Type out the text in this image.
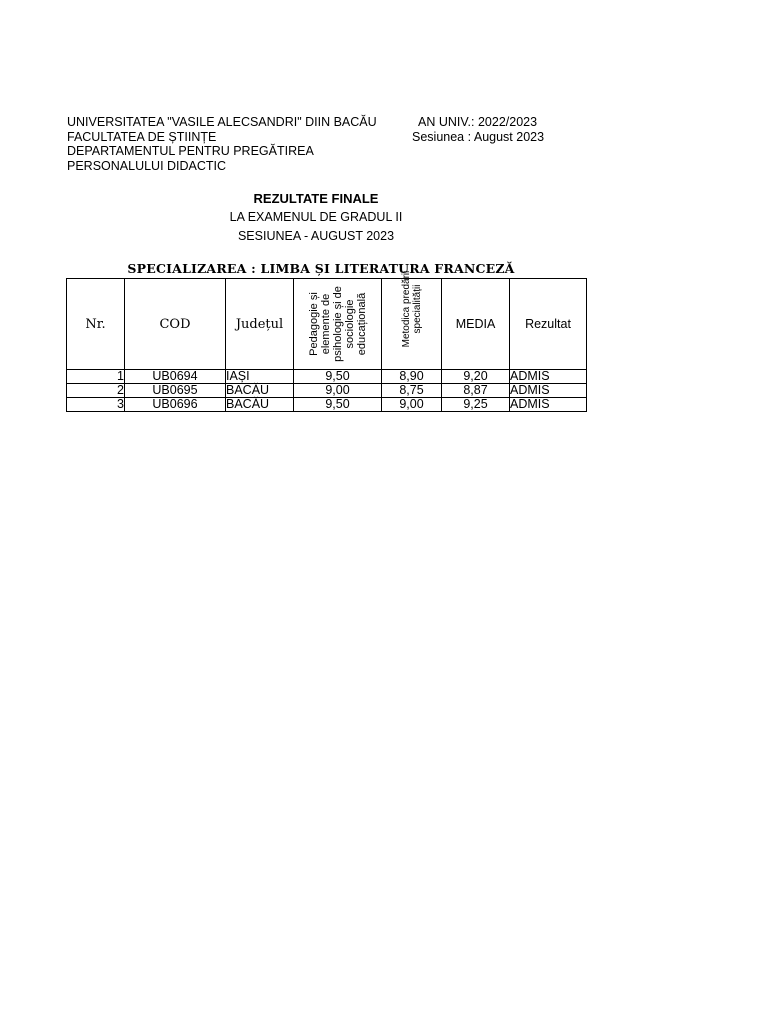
UNIVERSITATEA "VASILE ALECSANDRI" DIIN BACĂU
FACULTATEA DE ȘTIINȚE
DEPARTAMENTUL PENTRU PREGĂTIREA
PERSONALULUI DIDACTIC
AN UNIV.: 2022/2023
Sesiunea : August 2023
REZULTATE FINALE
LA EXAMENUL DE GRADUL II
SESIUNEA - AUGUST 2023
SPECIALIZAREA : LIMBA ȘI LITERATURA FRANCEZĂ
Nr.	COD	Județul	Pedagogie și elemente de psihologie și de sociologie educațională	Metodica predării specialității	MEDIA	Rezultat
1	UB0694	IAȘI	9,50	8,90	9,20	ADMIS
2	UB0695	BACĂU	9,00	8,75	8,87	ADMIS
3	UB0696	BACĂU	9,50	9,00	9,25	ADMIS
